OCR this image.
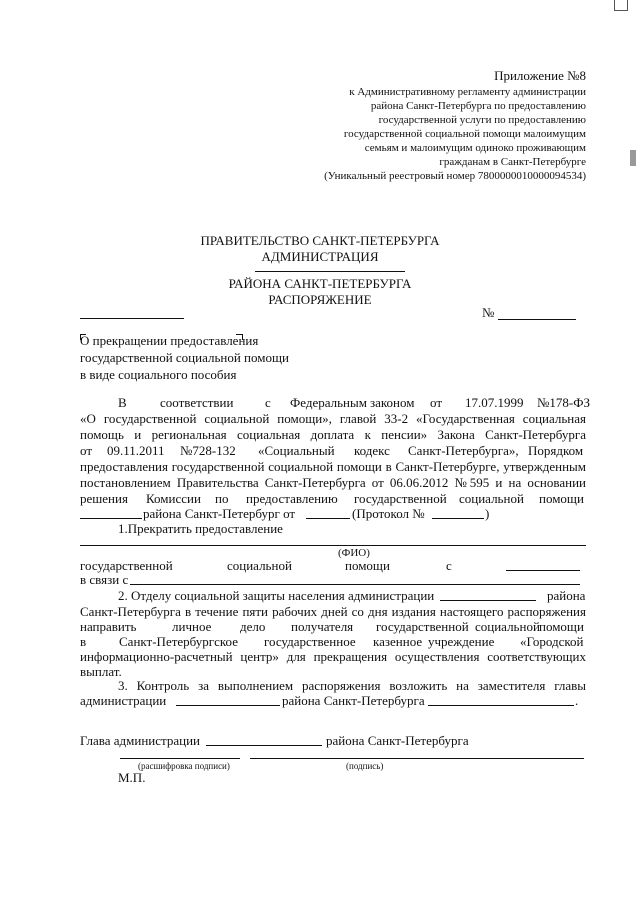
Приложение №8
к Административному регламенту администрации
района Санкт-Петербурга по предоставлению
государственной услуги по предоставлению
государственной социальной помощи малоимущим
семьям и малоимущим одиноко проживающим
гражданам в Санкт-Петербурге
(Уникальный реестровый номер 7800000010000094534)
ПРАВИТЕЛЬСТВО САНКТ-ПЕТЕРБУРГА
АДМИНИСТРАЦИЯ
РАЙОНА САНКТ-ПЕТЕРБУРГА
РАСПОРЯЖЕНИЕ
№
О прекращении предоставления
государственной социальной помощи
в виде социального пособия
В	соответствии с Федеральным законом от 17.07.1999 №178-ФЗ
«О государственной социальной помощи», главой 33-2 «Государственная социальная
помощь и региональная социальная доплата к пенсии» Закона Санкт-Петербурга
от 09.11.2011 №728-132 «Социальный кодекс Санкт-Петербурга», Порядком
предоставления государственной социальной помощи в Санкт-Петербурге, утвержденным
постановлением Правительства Санкт-Петербурга от 06.06.2012 №595 и на основании
решения Комиссии по предоставлению государственной социальной помощи
района Санкт-Петербург от	(Протокол №	)
1.Прекратить предоставление
(ФИО)
государственной	социальной	помощи	с
в связи с
2. Отделу социальной защиты населения администрации	района
Санкт-Петербурга в течение пяти рабочих дней со дня издания настоящего распоряжения
направить	личное дело получателя государственной социальной помощи
в	Санкт-Петербургское государственное казенное учреждение «Городской
информационно-расчетный центр» для прекращения осуществления соответствующих
выплат.
3. Контроль за выполнением распоряжения возложить на заместителя главы
администрации	района Санкт-Петербурга	.
Глава администрации	района Санкт-Петербурга
(расшифровка подписи)	(подпись)
М.П.
